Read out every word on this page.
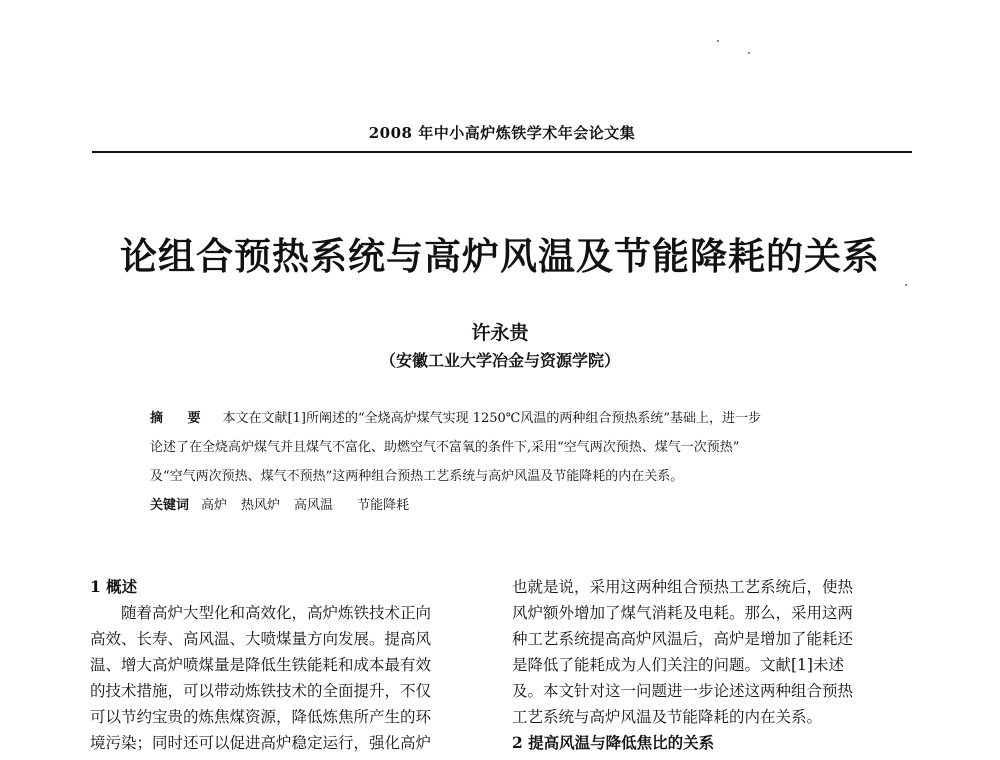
2008 年中小高炉炼铁学术年会论文集
论组合预热系统与高炉风温及节能降耗的关系
许永贵
（安徽工业大学冶金与资源学院）
摘 要 本文在文献[1]所阐述的“全烧高炉煤气实现 1250℃风温的两种组合预热系统”基础上，进一步
论述了在全烧高炉煤气并且煤气不富化、助燃空气不富氧的条件下,采用“空气两次预热、煤气一次预热”
及“空气两次预热、煤气不预热”这两种组合预热工艺系统与高炉风温及节能降耗的内在关系。
关键词 高炉 热风炉 高风温 节能降耗
1 概述
随着高炉大型化和高效化，高炉炼铁技术正向
高效、长寿、高风温、大喷煤量方向发展。提高风
温、增大高炉喷煤量是降低生铁能耗和成本最有效
的技术措施，可以带动炼铁技术的全面提升，不仅
可以节约宝贵的炼焦煤资源，降低炼焦所产生的环
境污染；同时还可以促进高炉稳定运行，强化高炉
也就是说，采用这两种组合预热工艺系统后，使热
风炉额外增加了煤气消耗及电耗。那么，采用这两
种工艺系统提高高炉风温后，高炉是增加了能耗还
是降低了能耗成为人们关注的问题。文献[1]未述
及。本文针对这一问题进一步论述这两种组合预热
工艺系统与高炉风温及节能降耗的内在关系。
2 提高风温与降低焦比的关系
